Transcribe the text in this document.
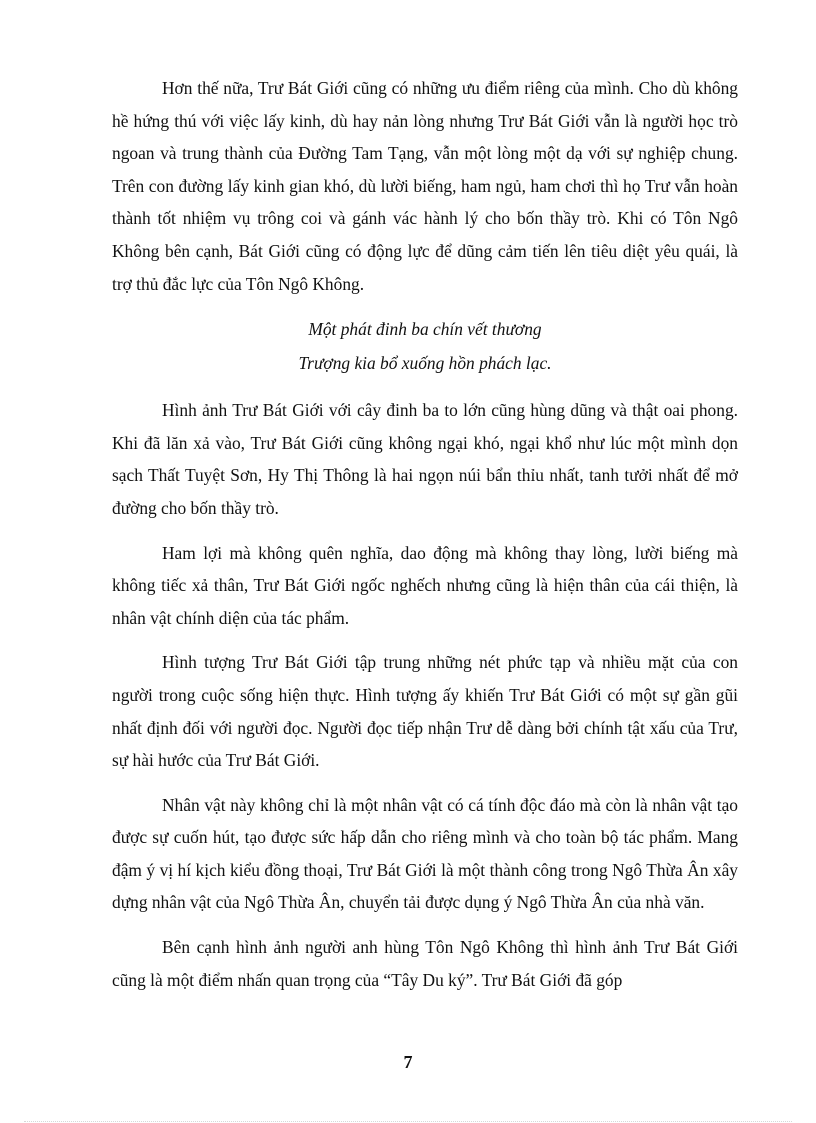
Hơn thế nữa, Trư Bát Giới cũng có những ưu điểm riêng của mình. Cho dù không hề hứng thú với việc lấy kinh, dù hay nản lòng nhưng Trư Bát Giới vẫn là người học trò ngoan và trung thành của Đường Tam Tạng, vẫn một lòng một dạ với sự nghiệp chung. Trên con đường lấy kinh gian khó, dù lười biếng, ham ngủ, ham chơi thì họ Trư vẫn hoàn thành tốt nhiệm vụ trông coi và gánh vác hành lý cho bốn thầy trò. Khi có Tôn Ngô Không bên cạnh, Bát Giới cũng có động lực để dũng cảm tiến lên tiêu diệt yêu quái, là trợ thủ đắc lực của Tôn Ngô Không.

Một phát đinh ba chín vết thương

Trượng kia bổ xuống hồn phách lạc.

Hình ảnh Trư Bát Giới với cây đinh ba to lớn cũng hùng dũng và thật oai phong. Khi đã lăn xả vào, Trư Bát Giới cũng không ngại khó, ngại khổ như lúc một mình dọn sạch Thất Tuyệt Sơn, Hy Thị Thông là hai ngọn núi bẩn thỉu nhất, tanh tưởi nhất để mở đường cho bốn thầy trò.

Ham lợi mà không quên nghĩa, dao động mà không thay lòng, lười biếng mà không tiếc xả thân, Trư Bát Giới ngốc nghếch nhưng cũng là hiện thân của cái thiện, là nhân vật chính diện của tác phẩm.

Hình tượng Trư Bát Giới tập trung những nét phức tạp và nhiều mặt của con người trong cuộc sống hiện thực. Hình tượng ấy khiến Trư Bát Giới có một sự gần gũi nhất định đối với người đọc. Người đọc tiếp nhận Trư dễ dàng bởi chính tật xấu của Trư, sự hài hước của Trư Bát Giới.

Nhân vật này không chỉ là một nhân vật có cá tính độc đáo mà còn là nhân vật tạo được sự cuốn hút, tạo được sức hấp dẫn cho riêng mình và cho toàn bộ tác phẩm. Mang đậm ý vị hí kịch kiểu đồng thoại, Trư Bát Giới là một thành công trong Ngô Thừa Ân xây dựng nhân vật của Ngô Thừa Ân, chuyển tải được dụng ý Ngô Thừa Ân của nhà văn.

Bên cạnh hình ảnh người anh hùng Tôn Ngô Không thì hình ảnh Trư Bát Giới cũng là một điểm nhấn quan trọng của “Tây Du ký”. Trư Bát Giới đã góp

7
